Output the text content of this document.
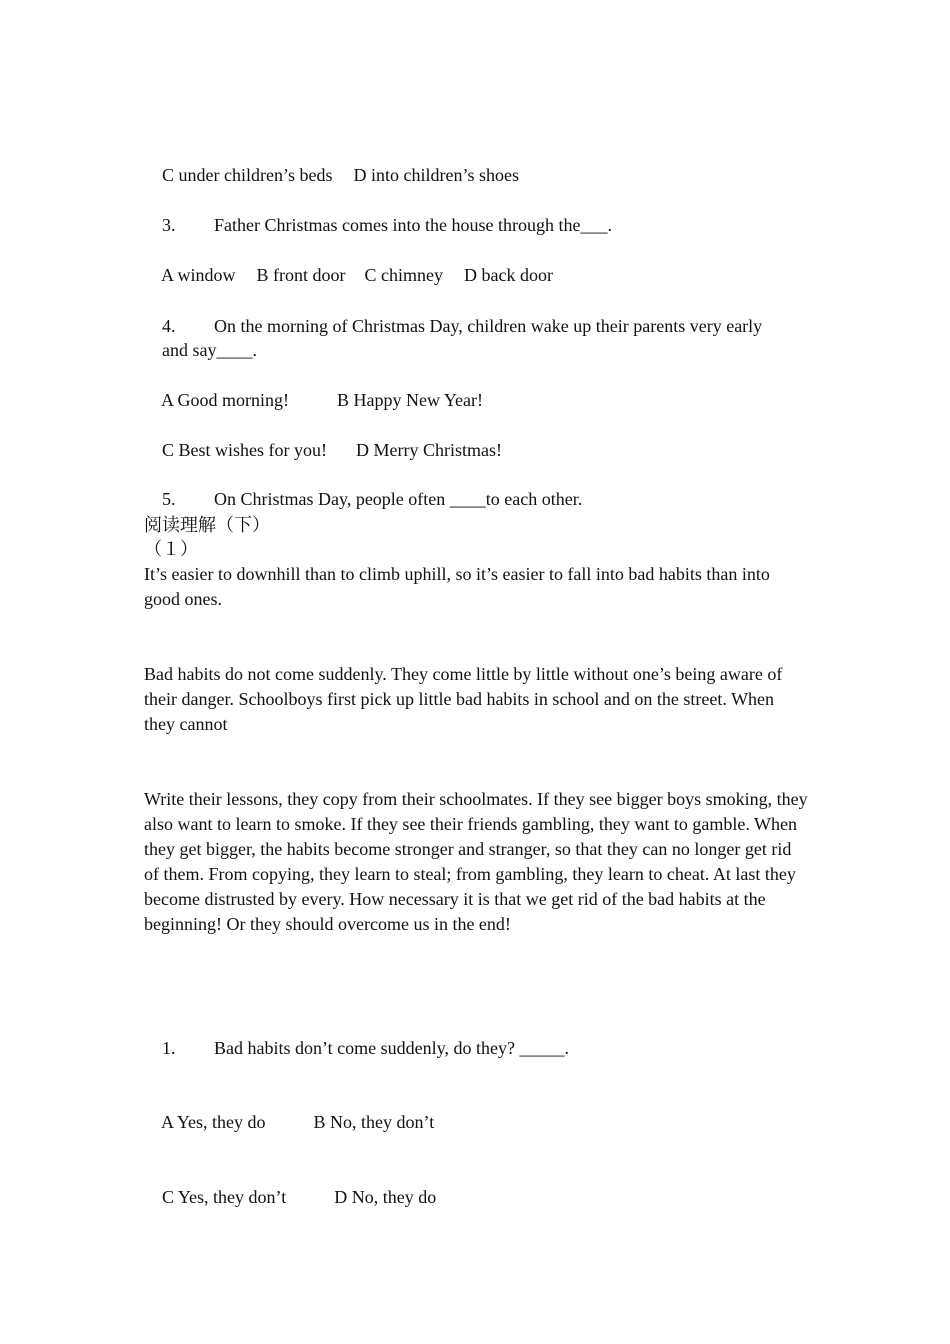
C under children’s beds D into children’s shoes

3. Father Christmas comes into the house through the___.

A window B front door C chimney D back door

4. On the morning of Christmas Day, children wake up their parents very early

and say____.

A Good morning!	B Happy New Year!

C Best wishes for you! D Merry Christmas!

5. On Christmas Day, people often ____to each other.

阅读理解（下）
（１）
It’s easier to downhill than to climb uphill, so it’s easier to fall into bad habits than into good ones.
Bad habits do not come suddenly. They come little by little without one’s being aware of their danger. Schoolboys first pick up little bad habits in school and on the street. When they cannot
Write their lessons, they copy from their schoolmates. If they see bigger boys smoking, they also want to learn to smoke. If they see their friends gambling, they want to gamble. When they get bigger, the habits become stronger and stranger, so that they can no longer get rid of them. From copying, they learn to steal; from gambling, they learn to cheat. At last they become distrusted by every. How necessary it is that we get rid of the bad habits at the beginning! Or they should overcome us in the end!

1. Bad habits don’t come suddenly, do they? _____.

A Yes, they do	B No, they don’t

C Yes, they don’t	D No, they do
